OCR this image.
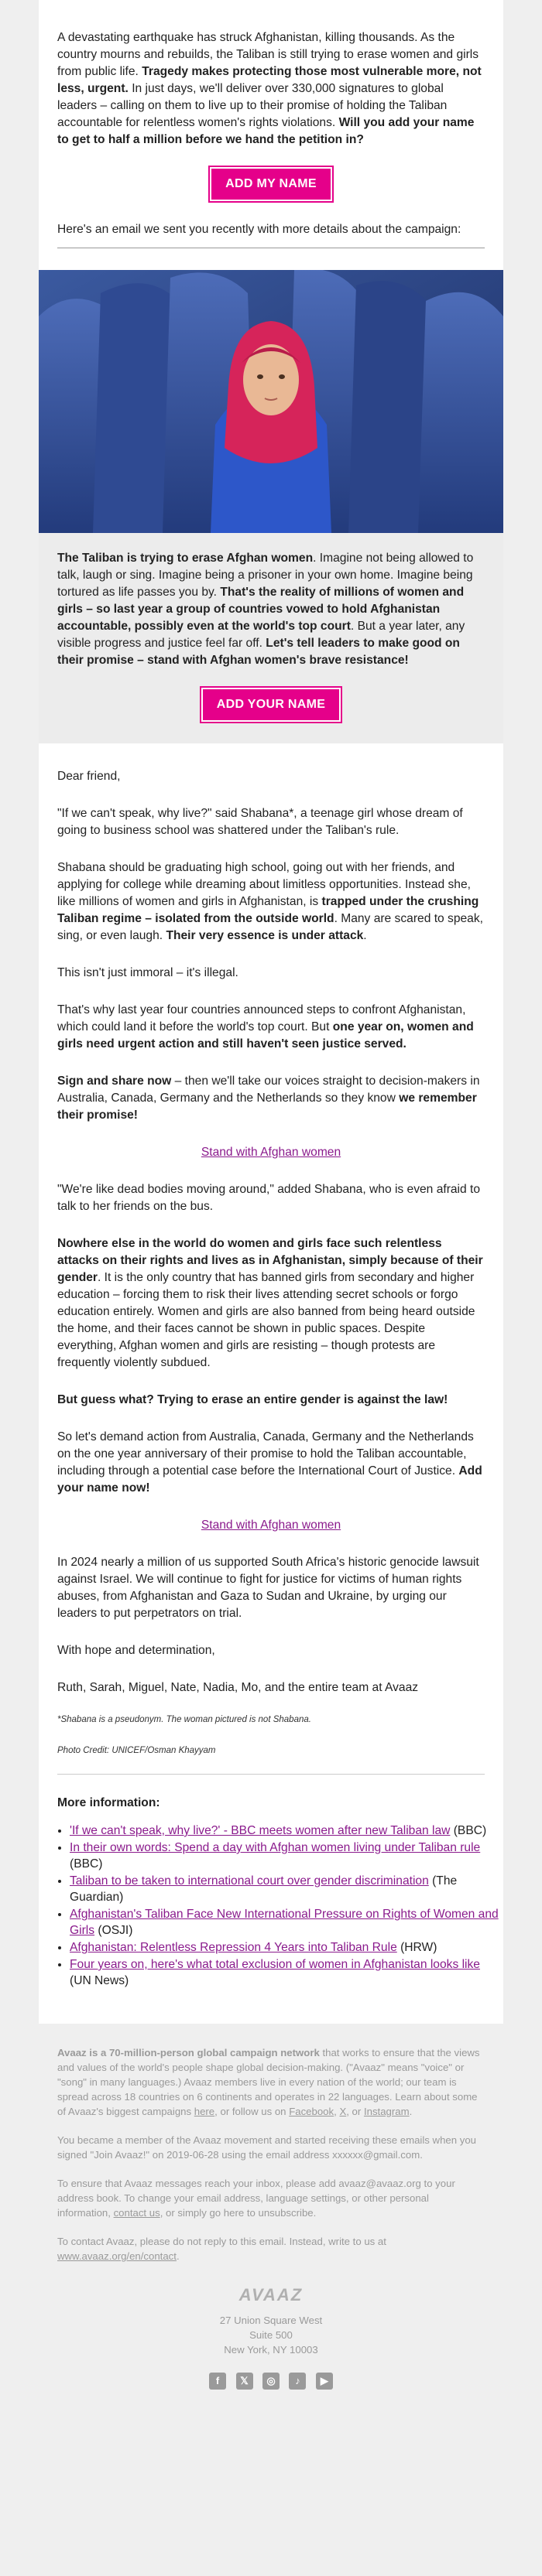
A devastating earthquake has struck Afghanistan, killing thousands. As the country mourns and rebuilds, the Taliban is still trying to erase women and girls from public life. Tragedy makes protecting those most vulnerable more, not less, urgent. In just days, we'll deliver over 330,000 signatures to global leaders – calling on them to live up to their promise of holding the Taliban accountable for relentless women's rights violations. Will you add your name to get to half a million before we hand the petition in?

ADD MY NAME

Here's an email we sent you recently with more details about the campaign:

The Taliban is trying to erase Afghan women. Imagine not being allowed to talk, laugh or sing. Imagine being a prisoner in your own home. Imagine being tortured as life passes you by. That's the reality of millions of women and girls – so last year a group of countries vowed to hold Afghanistan accountable, possibly even at the world's top court. But a year later, any visible progress and justice feel far off. Let's tell leaders to make good on their promise – stand with Afghan women's brave resistance!

ADD YOUR NAME

Dear friend,

"If we can't speak, why live?" said Shabana*, a teenage girl whose dream of going to business school was shattered under the Taliban's rule.

Shabana should be graduating high school, going out with her friends, and applying for college while dreaming about limitless opportunities. Instead she, like millions of women and girls in Afghanistan, is trapped under the crushing Taliban regime – isolated from the outside world. Many are scared to speak, sing, or even laugh. Their very essence is under attack.

This isn't just immoral – it's illegal.

That's why last year four countries announced steps to confront Afghanistan, which could land it before the world's top court. But one year on, women and girls need urgent action and still haven't seen justice served.

Sign and share now – then we'll take our voices straight to decision-makers in Australia, Canada, Germany and the Netherlands so they know we remember their promise!

Stand with Afghan women

"We're like dead bodies moving around," added Shabana, who is even afraid to talk to her friends on the bus.

Nowhere else in the world do women and girls face such relentless attacks on their rights and lives as in Afghanistan, simply because of their gender. It is the only country that has banned girls from secondary and higher education – forcing them to risk their lives attending secret schools or forgo education entirely. Women and girls are also banned from being heard outside the home, and their faces cannot be shown in public spaces. Despite everything, Afghan women and girls are resisting – though protests are frequently violently subdued.

But guess what? Trying to erase an entire gender is against the law!

So let's demand action from Australia, Canada, Germany and the Netherlands on the one year anniversary of their promise to hold the Taliban accountable, including through a potential case before the International Court of Justice. Add your name now!

Stand with Afghan women

In 2024 nearly a million of us supported South Africa's historic genocide lawsuit against Israel. We will continue to fight for justice for victims of human rights abuses, from Afghanistan and Gaza to Sudan and Ukraine, by urging our leaders to put perpetrators on trial.

With hope and determination,

Ruth, Sarah, Miguel, Nate, Nadia, Mo, and the entire team at Avaaz

*Shabana is a pseudonym. The woman pictured is not Shabana.

Photo Credit: UNICEF/Osman Khayyam

More information:

• 'If we can't speak, why live?' - BBC meets women after new Taliban law (BBC)
• In their own words: Spend a day with Afghan women living under Taliban rule (BBC)
• Taliban to be taken to international court over gender discrimination (The Guardian)
• Afghanistan's Taliban Face New International Pressure on Rights of Women and Girls (OSJI)
• Afghanistan: Relentless Repression 4 Years into Taliban Rule (HRW)
• Four years on, here's what total exclusion of women in Afghanistan looks like (UN News)

Avaaz is a 70-million-person global campaign network that works to ensure that the views and values of the world's people shape global decision-making. ("Avaaz" means "voice" or "song" in many languages.) Avaaz members live in every nation of the world; our team is spread across 18 countries on 6 continents and operates in 22 languages. Learn about some of Avaaz's biggest campaigns here, or follow us on Facebook, X, or Instagram.

You became a member of the Avaaz movement and started receiving these emails when you signed "Join Avaaz!" on 2019-06-28 using the email address xxxxxx@gmail.com.

To ensure that Avaaz messages reach your inbox, please add avaaz@avaaz.org to your address book. To change your email address, language settings, or other personal information, contact us, or simply go here to unsubscribe.

To contact Avaaz, please do not reply to this email. Instead, write to us at www.avaaz.org/en/contact.

AVAAZ

27 Union Square West

Suite 500

New York, NY 10003

f 𝕏 ◎ ♪ ▶
